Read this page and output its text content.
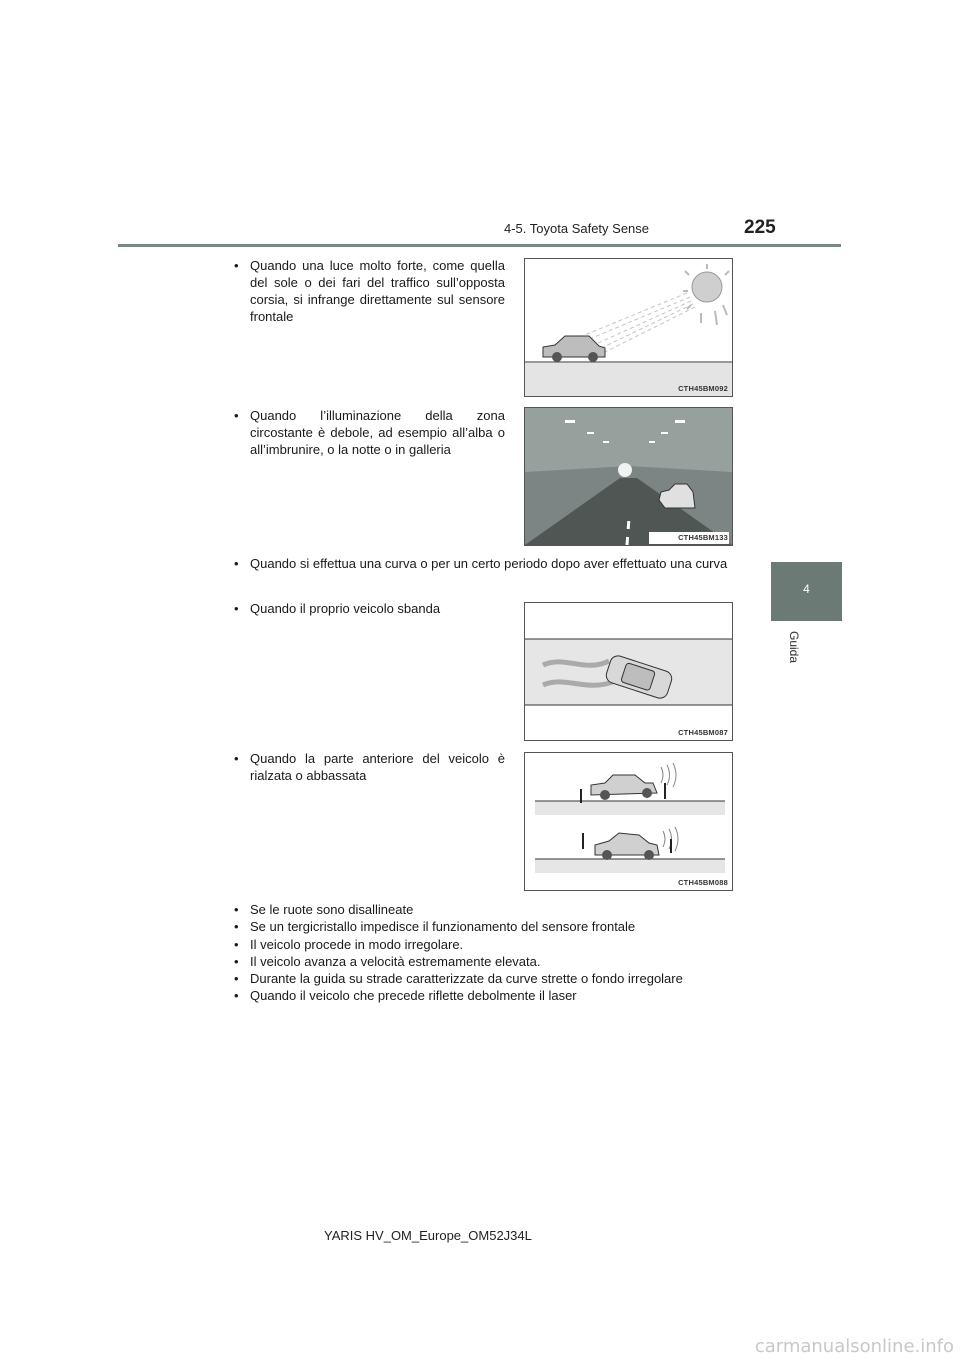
4-5. Toyota Safety Sense	225
4
Guida
• Quando una luce molto forte, come quella del sole o dei fari del traffico sull’opposta corsia, si infrange direttamente sul sensore frontale
CTH45BM092
• Quando l’illuminazione della zona circostante è debole, ad esempio all’alba o all’imbrunire, o la notte o in galleria
CTH45BM133
• Quando si effettua una curva o per un certo periodo dopo aver effettuato una curva
• Quando il proprio veicolo sbanda
CTH45BM087
• Quando la parte anteriore del veicolo è rialzata o abbassata
CTH45BM088
• Se le ruote sono disallineate
• Se un tergicristallo impedisce il funzionamento del sensore frontale
• Il veicolo procede in modo irregolare.
• Il veicolo avanza a velocità estremamente elevata.
• Durante la guida su strade caratterizzate da curve strette o fondo irregolare
• Quando il veicolo che precede riflette debolmente il laser
YARIS HV_OM_Europe_OM52J34L
carmanualsonline.info
